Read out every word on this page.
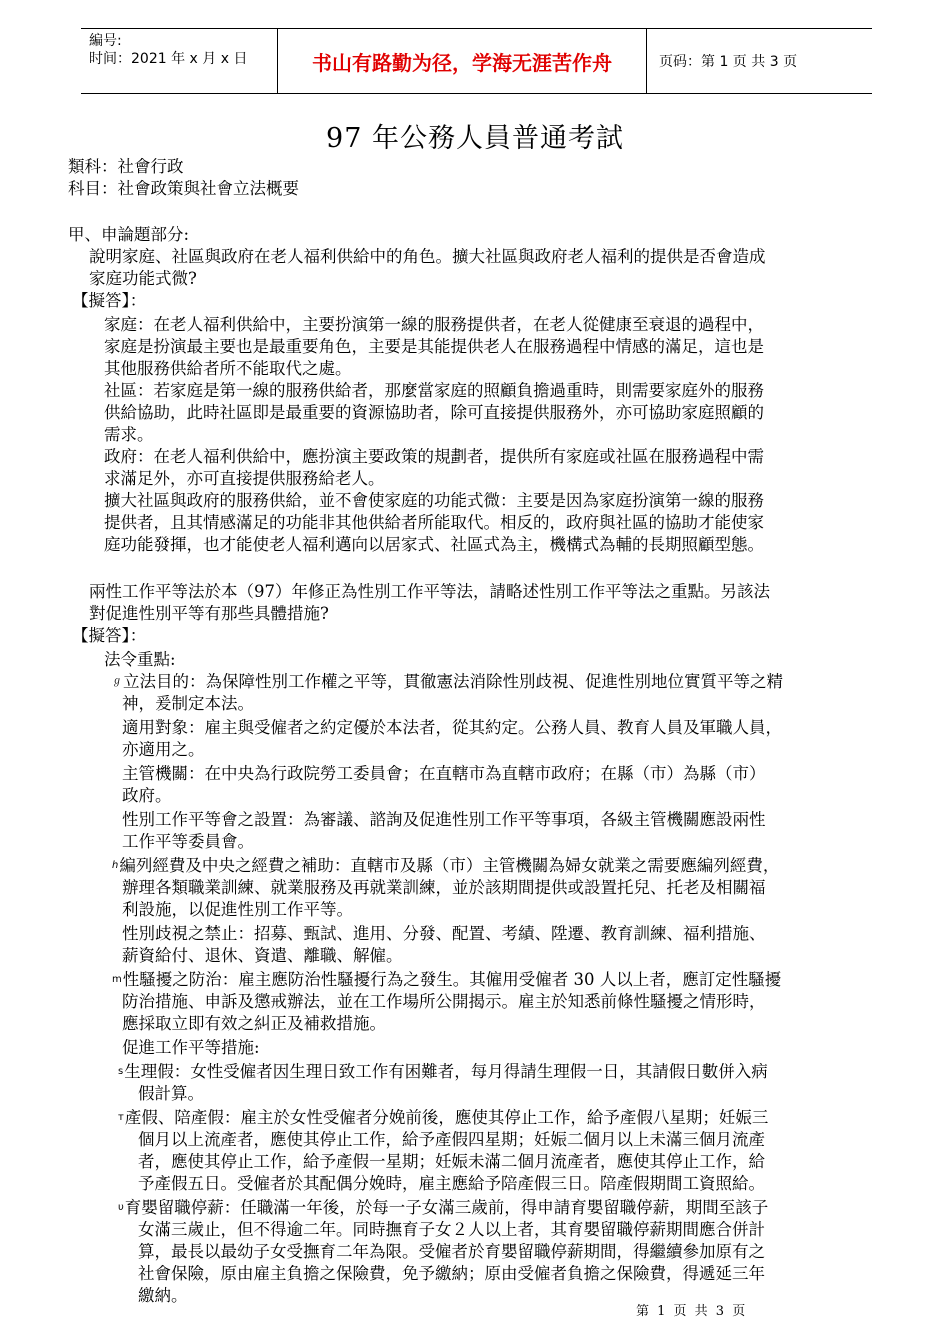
編号:
时间：2021 年 x 月 x 日	书山有路勤为径，学海无涯苦作舟	页码：第 1 页 共 3 页
97 年公務人員普通考試
類科：社會行政
科目：社會政策與社會立法概要
甲、申論題部分:
說明家庭、社區與政府在老人福利供給中的角色。擴大社區與政府老人福利的提供是否會造成
家庭功能式微?
【擬答】：
家庭：在老人福利供給中，主要扮演第一線的服務提供者，在老人從健康至衰退的過程中，
家庭是扮演最主要也是最重要角色，主要是其能提供老人在服務過程中情感的滿足，這也是
其他服務供給者所不能取代之處。
社區：若家庭是第一線的服務供給者，那麼當家庭的照顧負擔過重時，則需要家庭外的服務
供給協助，此時社區即是最重要的資源協助者，除可直接提供服務外，亦可協助家庭照顧的
需求。
政府：在老人福利供給中，應扮演主要政策的規劃者，提供所有家庭或社區在服務過程中需
求滿足外，亦可直接提供服務給老人。
擴大社區與政府的服務供給，並不會使家庭的功能式微：主要是因為家庭扮演第一線的服務
提供者，且其情感滿足的功能非其他供給者所能取代。相反的，政府與社區的協助才能使家
庭功能發揮，也才能使老人福利邁向以居家式、社區式為主，機構式為輔的長期照顧型態。
兩性工作平等法於本（97）年修正為性別工作平等法，請略述性別工作平等法之重點。另該法
對促進性別平等有那些具體措施?
【擬答】：
法令重點:
ℊ立法目的：為保障性別工作權之平等，貫徹憲法消除性別歧視、促進性別地位實質平等之精
神，爰制定本法。
適用對象：雇主與受僱者之約定優於本法者，從其約定。公務人員、教育人員及軍職人員，
亦適用之。
主管機關：在中央為行政院勞工委員會；在直轄市為直轄市政府；在縣（市）為縣（市）
政府。
性別工作平等會之設置：為審議、諮詢及促進性別工作平等事項，各級主管機關應設兩性
工作平等委員會。
ℎ編列經費及中央之經費之補助：直轄市及縣（市）主管機關為婦女就業之需要應編列經費，
辦理各類職業訓練、就業服務及再就業訓練，並於該期間提供或設置托兒、托老及相關福
利設施，以促進性別工作平等。
性別歧視之禁止：招募、甄試、進用、分發、配置、考績、陞遷、教育訓練、福利措施、
薪資給付、退休、資遣、離職、解僱。
ⅿ性騷擾之防治：雇主應防治性騷擾行為之發生。其僱用受僱者 30 人以上者，應訂定性騷擾
防治措施、申訴及懲戒辦法，並在工作場所公開揭示。雇主於知悉前條性騷擾之情形時，
應採取立即有效之糾正及補救措施。
促進工作平等措施:
s生理假：女性受僱者因生理日致工作有困難者，每月得請生理假一日，其請假日數併入病
假計算。
т產假、陪產假：雇主於女性受僱者分娩前後，應使其停止工作，給予產假八星期；妊娠三
個月以上流產者，應使其停止工作，給予產假四星期；妊娠二個月以上未滿三個月流產
者，應使其停止工作，給予產假一星期；妊娠未滿二個月流產者，應使其停止工作，給
予產假五日。受僱者於其配偶分娩時，雇主應給予陪產假三日。陪產假期間工資照給。
υ育嬰留職停薪：任職滿一年後，於每一子女滿三歲前，得申請育嬰留職停薪，期間至該子
女滿三歲止，但不得逾二年。同時撫育子女２人以上者，其育嬰留職停薪期間應合併計
算，最長以最幼子女受撫育二年為限。受僱者於育嬰留職停薪期間，得繼續參加原有之
社會保險，原由雇主負擔之保險費，免予繳納；原由受僱者負擔之保險費，得遞延三年
繳納。
第 1 页 共 3 页
